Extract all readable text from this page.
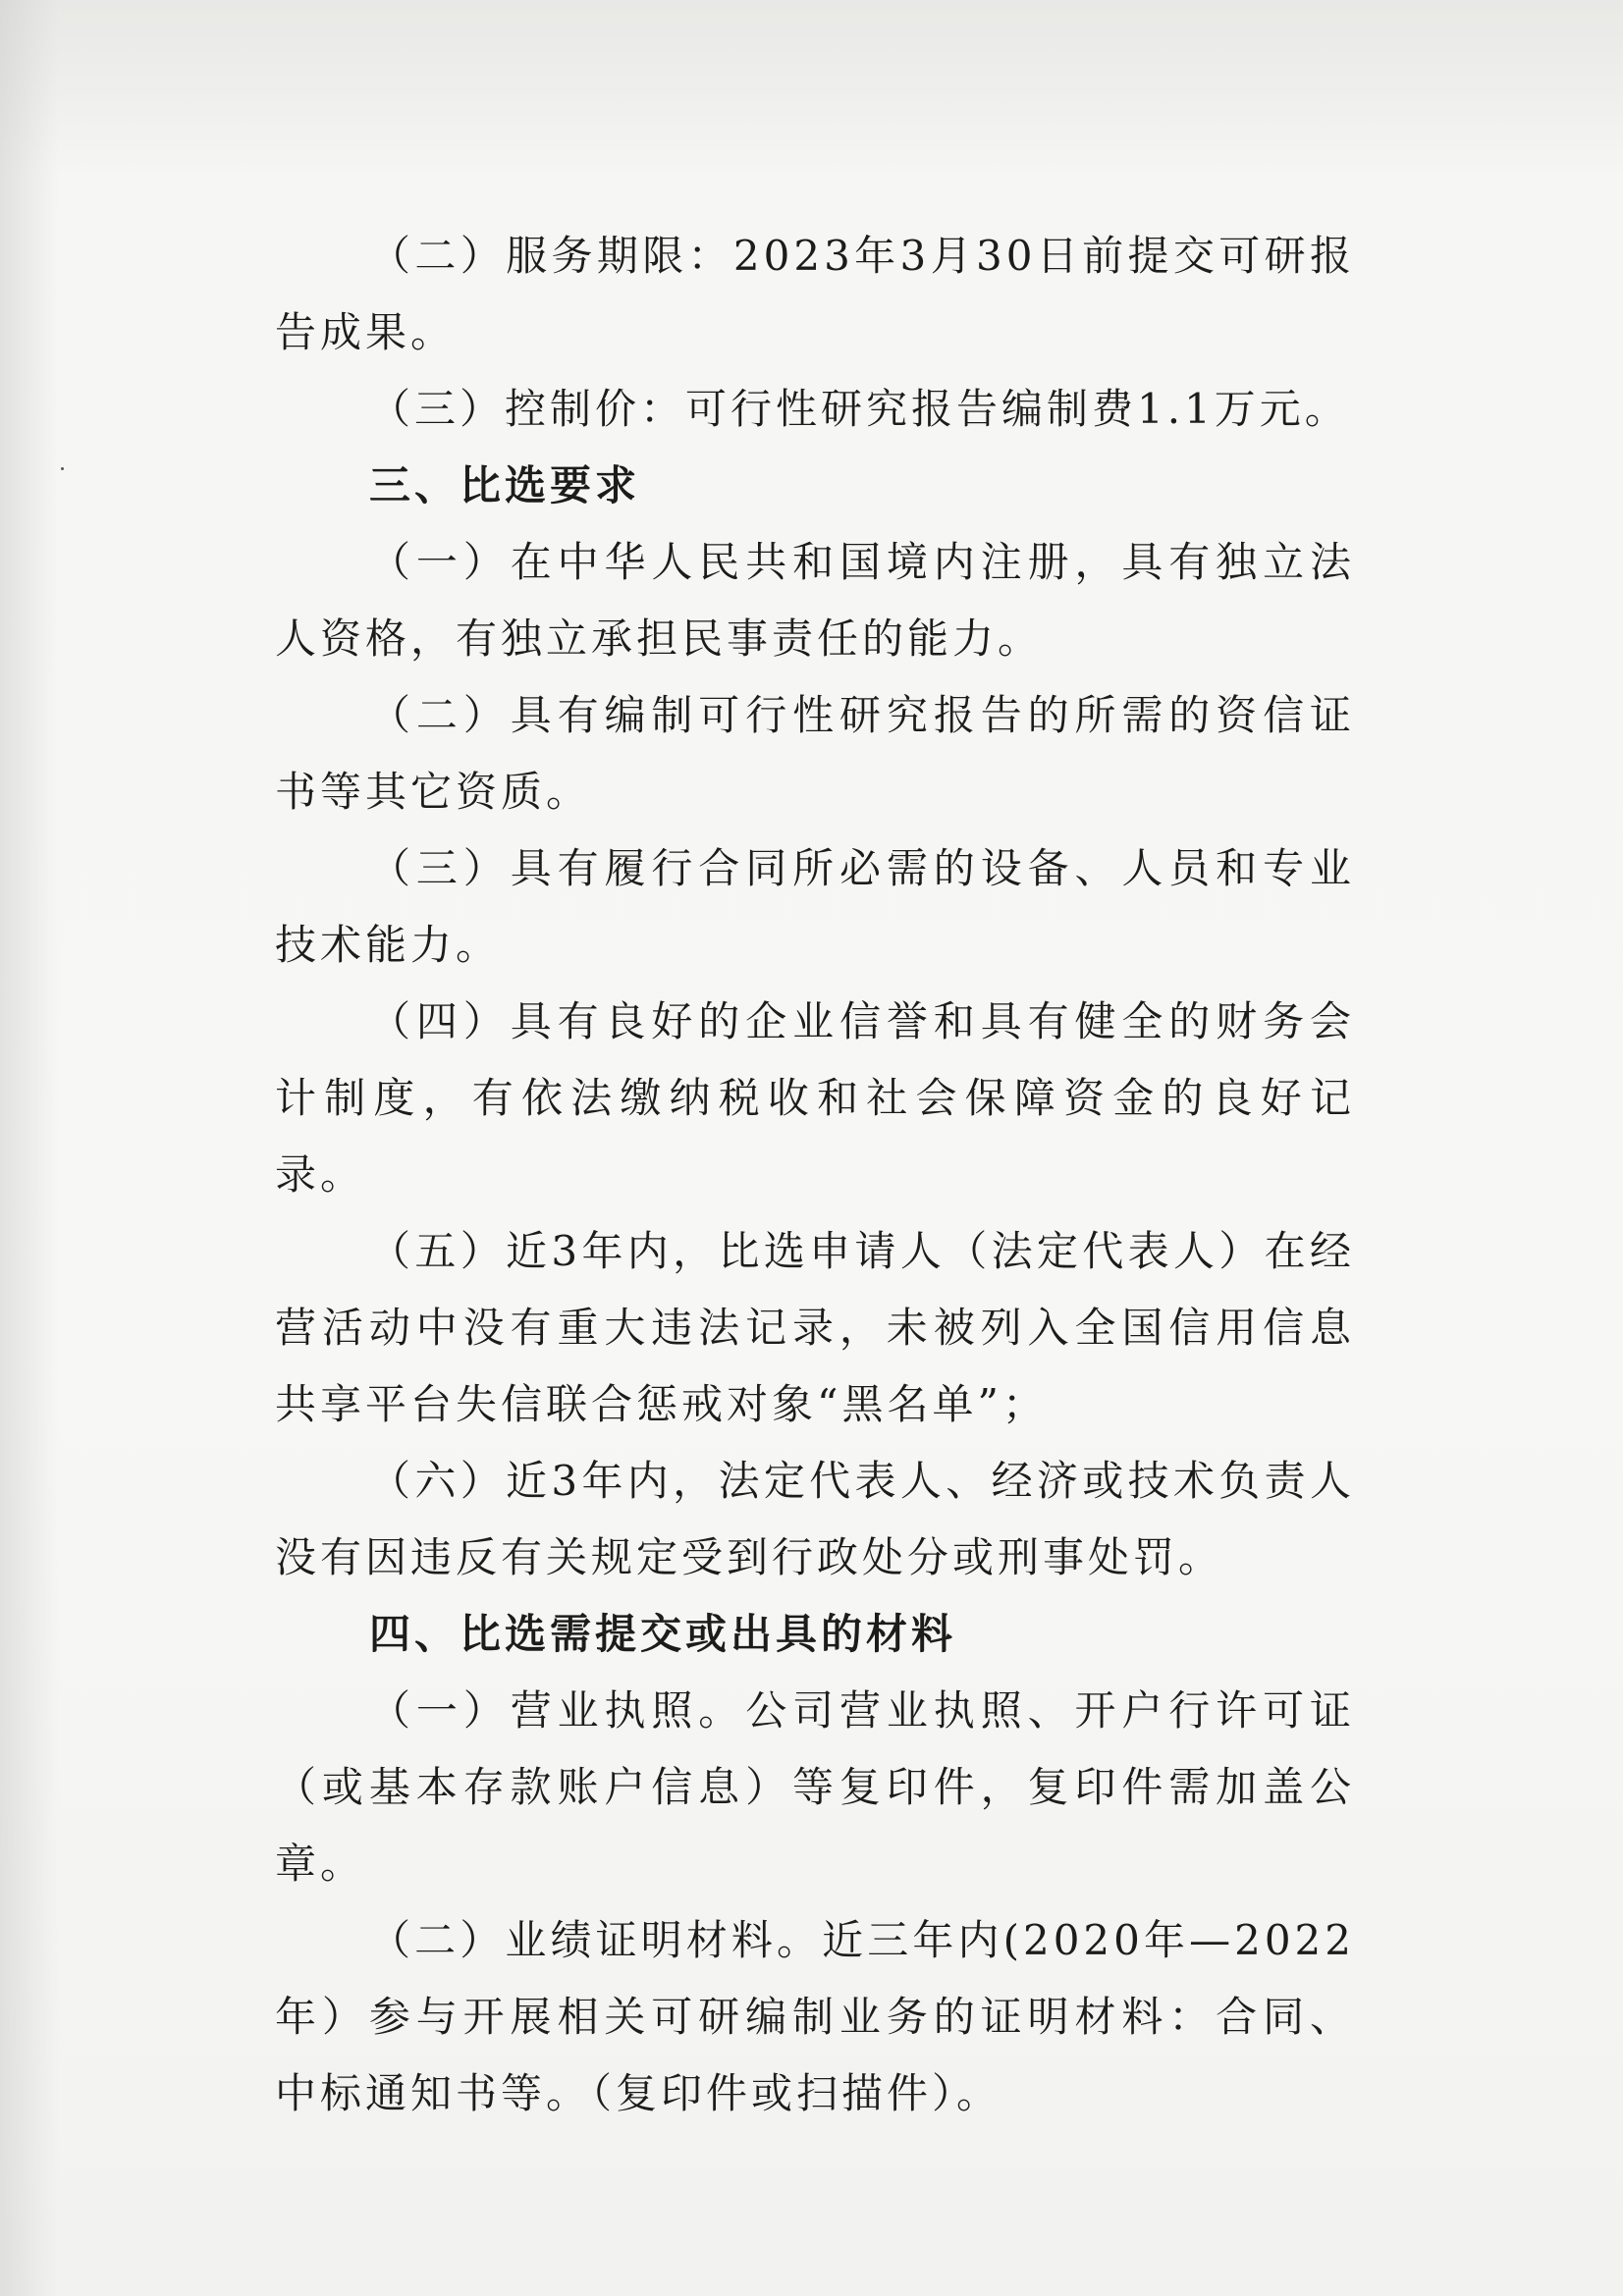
（二）服务期限：2023年3月30日前提交可研报告成果。

（三）控制价：可行性研究报告编制费1.1万元。

三、比选要求

（一）在中华人民共和国境内注册，具有独立法人资格，有独立承担民事责任的能力。

（二）具有编制可行性研究报告的所需的资信证书等其它资质。

（三）具有履行合同所必需的设备、人员和专业技术能力。

（四）具有良好的企业信誉和具有健全的财务会计制度，有依法缴纳税收和社会保障资金的良好记录。

（五）近3年内，比选申请人（法定代表人）在经营活动中没有重大违法记录，未被列入全国信用信息共享平台失信联合惩戒对象“黑名单”；

（六）近3年内，法定代表人、经济或技术负责人没有因违反有关规定受到行政处分或刑事处罚。

四、比选需提交或出具的材料

（一）营业执照。公司营业执照、开户行许可证（或基本存款账户信息）等复印件，复印件需加盖公章。

（二）业绩证明材料。近三年内(2020年—2022年）参与开展相关可研编制业务的证明材料：合同、中标通知书等。（复印件或扫描件）。
